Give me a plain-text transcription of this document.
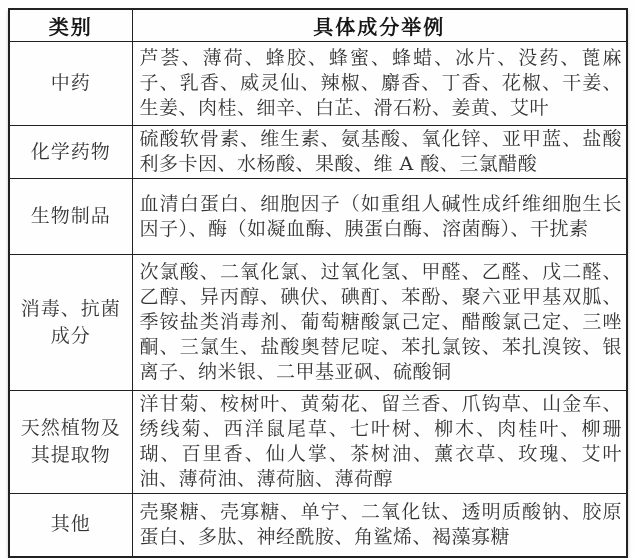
类别	具体成分举例
中药	芦荟、薄荷、蜂胶、蜂蜜、蜂蜡、冰片、没药、蓖麻子、乳香、威灵仙、辣椒、麝香、丁香、花椒、干姜、生姜、肉桂、细辛、白芷、滑石粉、姜黄、艾叶
化学药物	硫酸软骨素、维生素、氨基酸、氧化锌、亚甲蓝、盐酸利多卡因、水杨酸、果酸、维 A 酸、三氯醋酸
生物制品	血清白蛋白、细胞因子（如重组人碱性成纤维细胞生长因子）、酶（如凝血酶、胰蛋白酶、溶菌酶）、干扰素
消毒、抗菌成分	次氯酸、二氧化氯、过氧化氢、甲醛、乙醛、戊二醛、乙醇、异丙醇、碘伏、碘酊、苯酚、聚六亚甲基双胍、季铵盐类消毒剂、葡萄糖酸氯己定、醋酸氯己定、三唑酮、三氯生、盐酸奥替尼啶、苯扎氯铵、苯扎溴铵、银离子、纳米银、二甲基亚砜、硫酸铜
天然植物及其提取物	洋甘菊、桉树叶、黄菊花、留兰香、爪钩草、山金车、绣线菊、西洋鼠尾草、七叶树、柳木、肉桂叶、柳珊瑚、百里香、仙人掌、茶树油、薰衣草、玫瑰、艾叶油、薄荷油、薄荷脑、薄荷醇
其他	壳聚糖、壳寡糖、单宁、二氧化钛、透明质酸钠、胶原蛋白、多肽、神经酰胺、角鲨烯、褐藻寡糖
